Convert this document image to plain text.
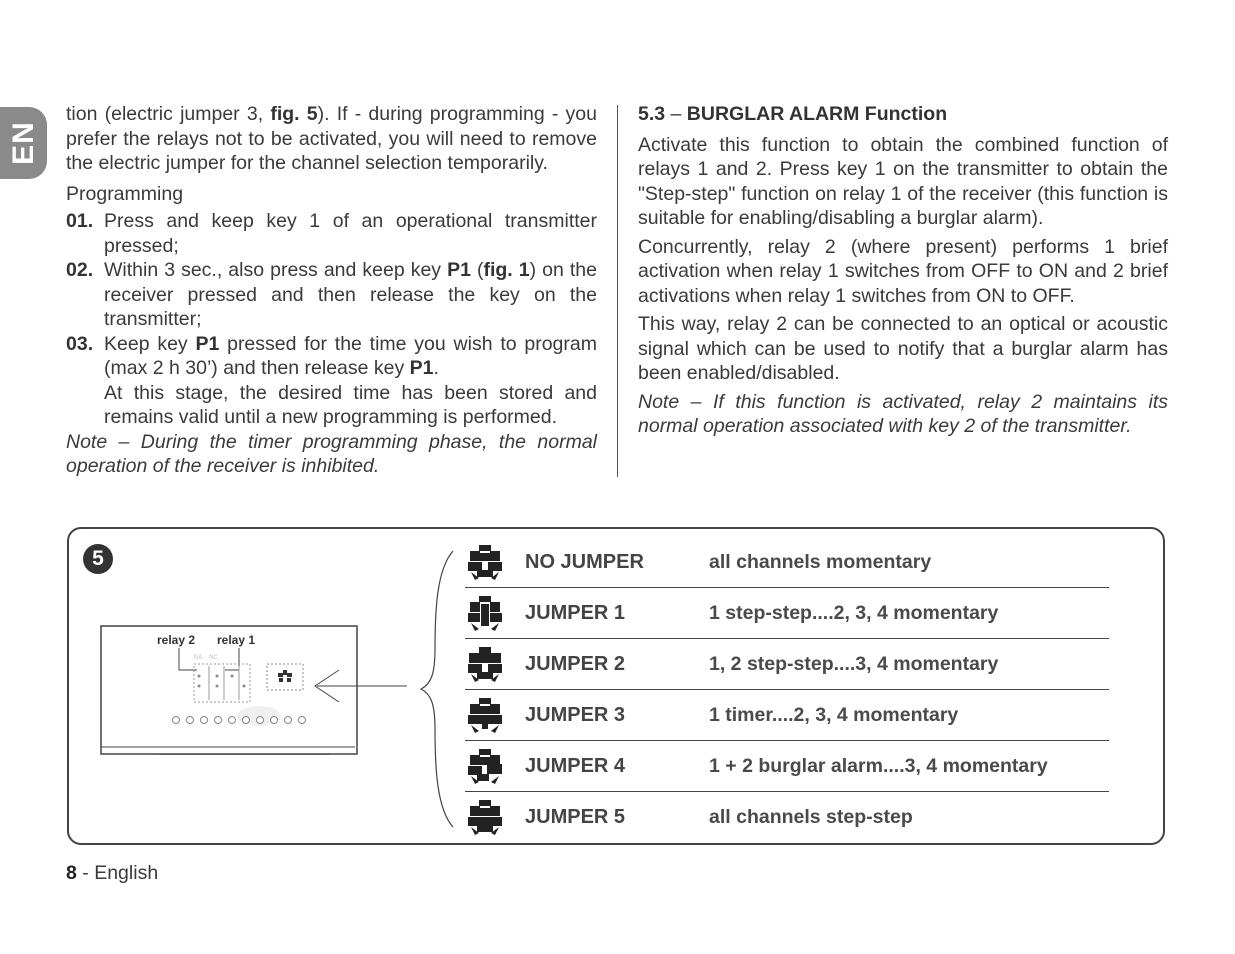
EN

tion (electric jumper 3, fig. 5). If - during programming - you prefer the relays not to be activated, you will need to remove the electric jumper for the channel selection temporarily.

Programming
01. Press and keep key 1 of an operational transmitter pressed;
02. Within 3 sec., also press and keep key P1 (fig. 1) on the receiver pressed and then release the key on the transmitter;
03. Keep key P1 pressed for the time you wish to program (max 2 h 30’) and then release key P1.

At this stage, the desired time has been stored and remains valid until a new programming is performed.

Note – During the timer programming phase, the normal operation of the receiver is inhibited.

5.3 – BURGLAR ALARM Function

Activate this function to obtain the combined function of relays 1 and 2. Press key 1 on the transmitter to obtain the "Step-step" function on relay 1 of the receiver (this function is suitable for enabling/disabling a burglar alarm).

Concurrently, relay 2 (where present) performs 1 brief activation when relay 1 switches from OFF to ON and 2 brief activations when relay 1 switches from ON to OFF.

This way, relay 2 can be connected to an optical or acoustic signal which can be used to notify that a burglar alarm has been enabled/disabled.

Note – If this function is activated, relay 2 maintains its normal operation associated with key 2 of the transmitter.

5
relay 2 relay 1
NA NC
NO JUMPER	all channels momentary
JUMPER 1	1 step-step....2, 3, 4 momentary
JUMPER 2	1, 2 step-step....3, 4 momentary
JUMPER 3	1 timer....2, 3, 4 momentary
JUMPER 4	1 + 2 burglar alarm....3, 4 momentary
JUMPER 5	all channels step-step
8 - English
